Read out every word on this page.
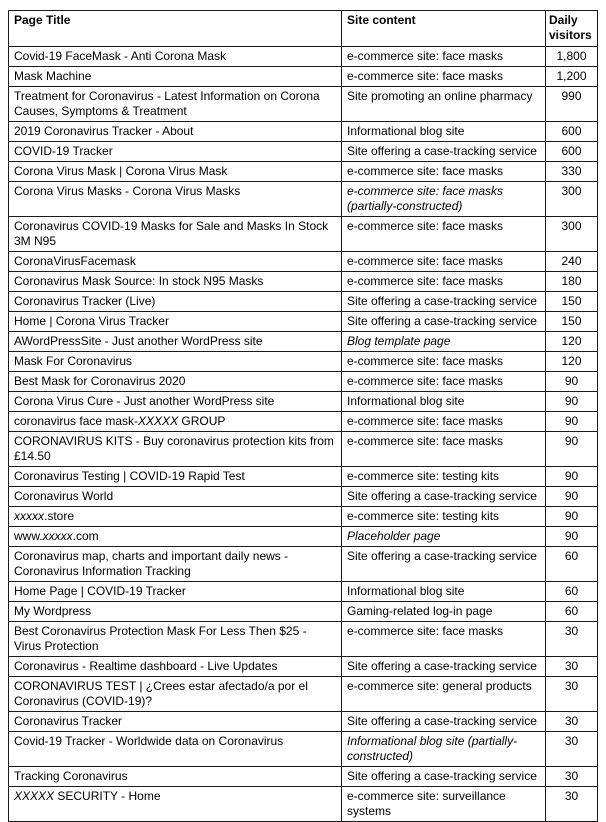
Page Title	Site content	Daily visitors
Covid-19 FaceMask - Anti Corona Mask	e-commerce site: face masks	1,800
Mask Machine	e-commerce site: face masks	1,200
Treatment for Coronavirus - Latest Information on Corona Causes, Symptoms & Treatment	Site promoting an online pharmacy	990
2019 Coronavirus Tracker - About	Informational blog site	600
COVID-19 Tracker	Site offering a case-tracking service	600
Corona Virus Mask | Corona Virus Mask	e-commerce site: face masks	330
Corona Virus Masks - Corona Virus Masks	e-commerce site: face masks (partially-constructed)	300
Coronavirus COVID-19 Masks for Sale and Masks In Stock 3M N95	e-commerce site: face masks	300
CoronaVirusFacemask	e-commerce site: face masks	240
Coronavirus Mask Source: In stock N95 Masks	e-commerce site: face masks	180
Coronavirus Tracker (Live)	Site offering a case-tracking service	150
Home | Corona Virus Tracker	Site offering a case-tracking service	150
AWordPressSite - Just another WordPress site	Blog template page	120
Mask For Coronavirus	e-commerce site: face masks	120
Best Mask for Coronavirus 2020	e-commerce site: face masks	90
Corona Virus Cure - Just another WordPress site	Informational blog site	90
coronavirus face mask-XXXXX GROUP	e-commerce site: face masks	90
CORONAVIRUS KITS - Buy coronavirus protection kits from £14.50	e-commerce site: face masks	90
Coronavirus Testing | COVID-19 Rapid Test	e-commerce site: testing kits	90
Coronavirus World	Site offering a case-tracking service	90
xxxxx.store	e-commerce site: testing kits	90
www.xxxxx.com	Placeholder page	90
Coronavirus map, charts and important daily news - Coronavirus Information Tracking	Site offering a case-tracking service	60
Home Page | COVID-19 Tracker	Informational blog site	60
My Wordpress	Gaming-related log-in page	60
Best Coronavirus Protection Mask For Less Then $25 - Virus Protection	e-commerce site: face masks	30
Coronavirus - Realtime dashboard - Live Updates	Site offering a case-tracking service	30
CORONAVIRUS TEST | ¿Crees estar afectado/a por el Coronavirus (COVID-19)?	e-commerce site: general products	30
Coronavirus Tracker	Site offering a case-tracking service	30
Covid-19 Tracker - Worldwide data on Coronavirus	Informational blog site (partially-constructed)	30
Tracking Coronavirus	Site offering a case-tracking service	30
XXXXX SECURITY - Home	e-commerce site: surveillance systems	30
